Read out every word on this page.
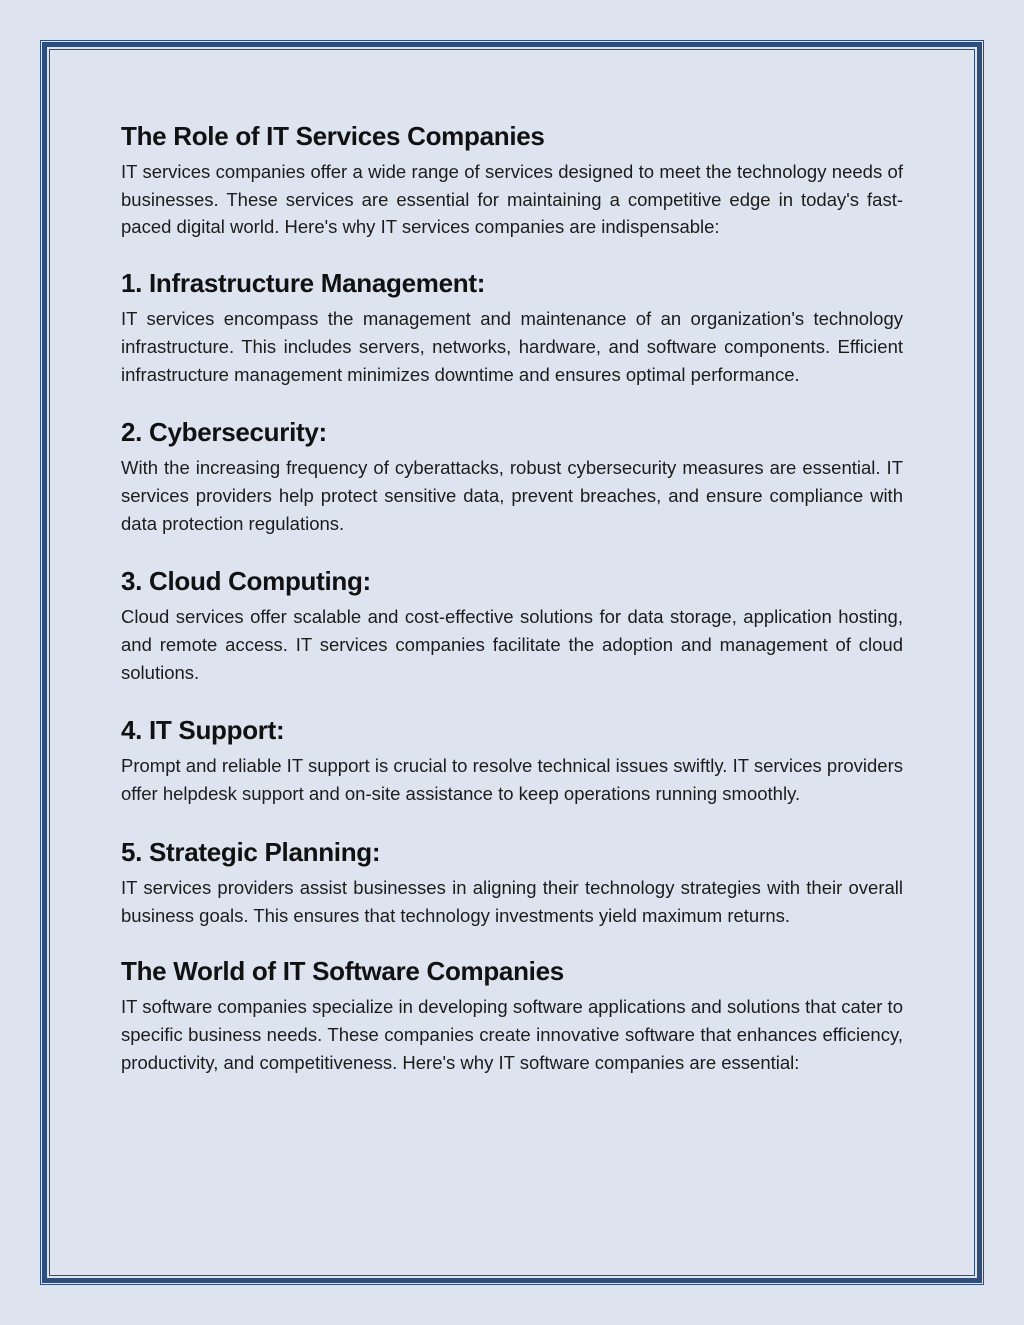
The Role of IT Services Companies

IT services companies offer a wide range of services designed to meet the technology needs of businesses. These services are essential for maintaining a competitive edge in today's fast-paced digital world. Here's why IT services companies are indispensable:

1. Infrastructure Management:

IT services encompass the management and maintenance of an organization's technology infrastructure. This includes servers, networks, hardware, and software components. Efficient infrastructure management minimizes downtime and ensures optimal performance.

2. Cybersecurity:

With the increasing frequency of cyberattacks, robust cybersecurity measures are essential. IT services providers help protect sensitive data, prevent breaches, and ensure compliance with data protection regulations.

3. Cloud Computing:

Cloud services offer scalable and cost-effective solutions for data storage, application hosting, and remote access. IT services companies facilitate the adoption and management of cloud solutions.

4. IT Support:

Prompt and reliable IT support is crucial to resolve technical issues swiftly. IT services providers offer helpdesk support and on-site assistance to keep operations running smoothly.

5. Strategic Planning:

IT services providers assist businesses in aligning their technology strategies with their overall business goals. This ensures that technology investments yield maximum returns.

The World of IT Software Companies

IT software companies specialize in developing software applications and solutions that cater to specific business needs. These companies create innovative software that enhances efficiency, productivity, and competitiveness. Here's why IT software companies are essential:
